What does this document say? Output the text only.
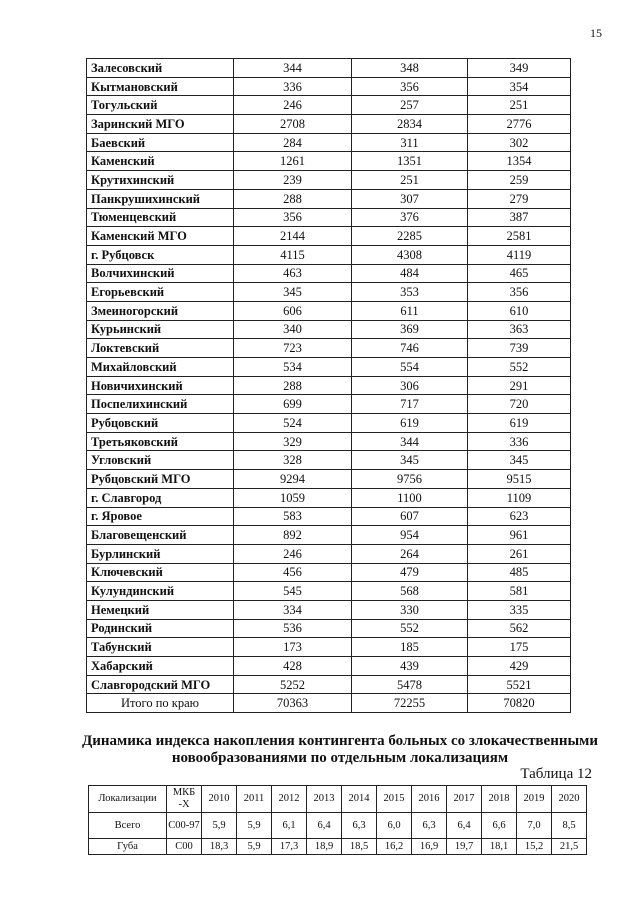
15
Залесовский	344	348	349
Кытмановский	336	356	354
Тогульский	246	257	251
Заринский МГО	2708	2834	2776
Баевский	284	311	302
Каменский	1261	1351	1354
Крутихинский	239	251	259
Панкрушихинский	288	307	279
Тюменцевский	356	376	387
Каменский МГО	2144	2285	2581
г. Рубцовск	4115	4308	4119
Волчихинский	463	484	465
Егорьевский	345	353	356
Змеиногорский	606	611	610
Курьинский	340	369	363
Локтевский	723	746	739
Михайловский	534	554	552
Новичихинский	288	306	291
Поспелихинский	699	717	720
Рубцовский	524	619	619
Третьяковский	329	344	336
Угловский	328	345	345
Рубцовский МГО	9294	9756	9515
г. Славгород	1059	1100	1109
г. Яровое	583	607	623
Благовещенский	892	954	961
Бурлинский	246	264	261
Ключевский	456	479	485
Кулундинский	545	568	581
Немецкий	334	330	335
Родинский	536	552	562
Табунский	173	185	175
Хабарский	428	439	429
Славгородский МГО	5252	5478	5521
Итого по краю	70363	72255	70820
Динамика индекса накопления контингента больных со злокачественными новообразованиями по отдельным локализациям
Таблица 12
Локализации	МКБ -Х	2010	2011	2012	2013	2014	2015	2016	2017	2018	2019	2020
Всего	С00-97	5,9	5,9	6,1	6,4	6,3	6,0	6,3	6,4	6,6	7,0	8,5
Губа	С00	18,3	5,9	17,3	18,9	18,5	16,2	16,9	19,7	18,1	15,2	21,5
